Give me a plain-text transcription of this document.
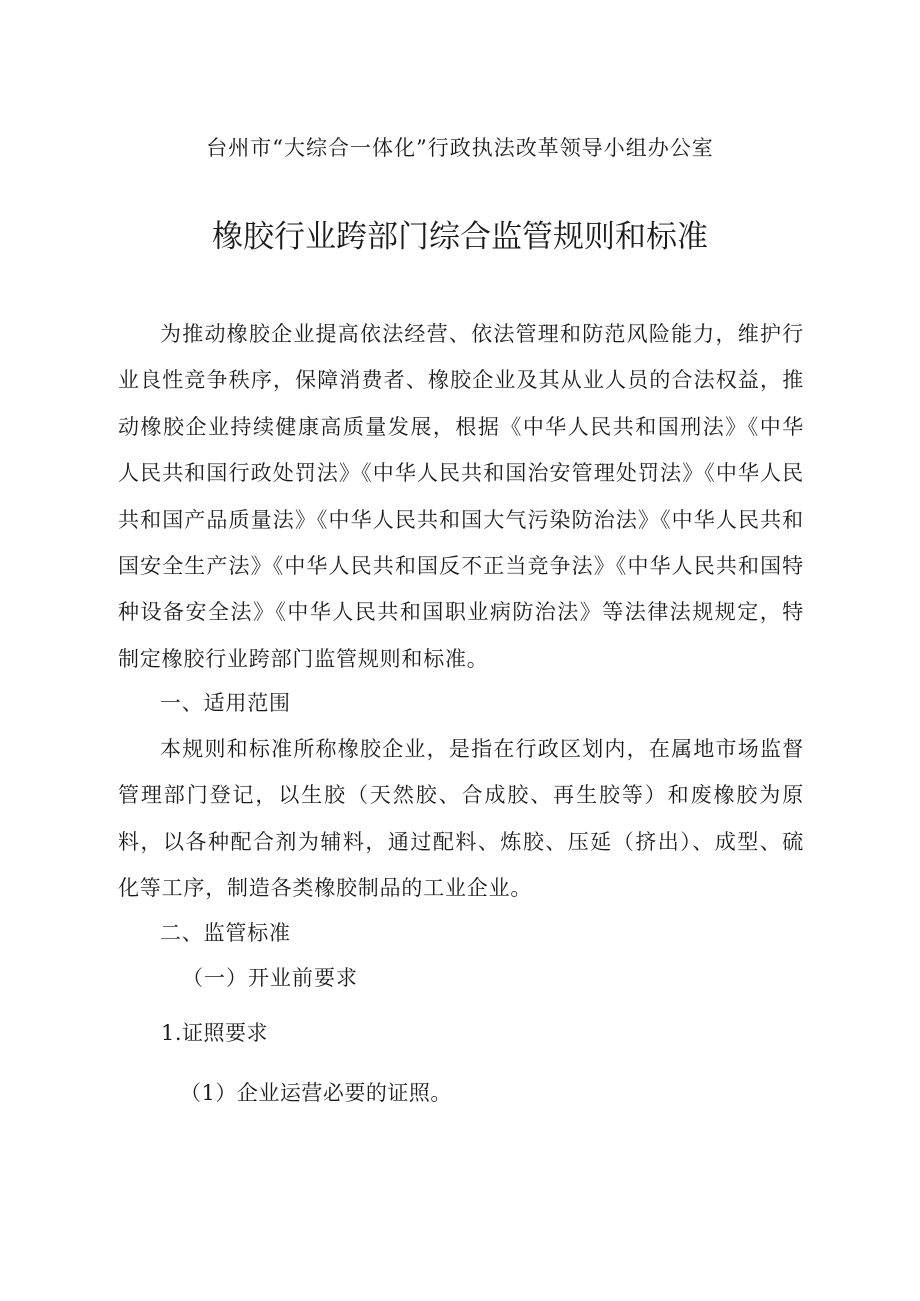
台州市“大综合一体化”行政执法改革领导小组办公室
橡胶行业跨部门综合监管规则和标准
为推动橡胶企业提高依法经营、依法管理和防范风险能力，维护行业良性竞争秩序，保障消费者、橡胶企业及其从业人员的合法权益，推动橡胶企业持续健康高质量发展，根据《中华人民共和国刑法》《中华人民共和国行政处罚法》《中华人民共和国治安管理处罚法》《中华人民共和国产品质量法》《中华人民共和国大气污染防治法》《中华人民共和国安全生产法》《中华人民共和国反不正当竞争法》《中华人民共和国特种设备安全法》《中华人民共和国职业病防治法》等法律法规规定，特制定橡胶行业跨部门监管规则和标准。
一、适用范围
本规则和标准所称橡胶企业，是指在行政区划内，在属地市场监督管理部门登记，以生胶（天然胶、合成胶、再生胶等）和废橡胶为原料，以各种配合剂为辅料，通过配料、炼胶、压延（挤出）、成型、硫化等工序，制造各类橡胶制品的工业企业。
二、监管标准
（一）开业前要求
1.证照要求
（1）企业运营必要的证照。
